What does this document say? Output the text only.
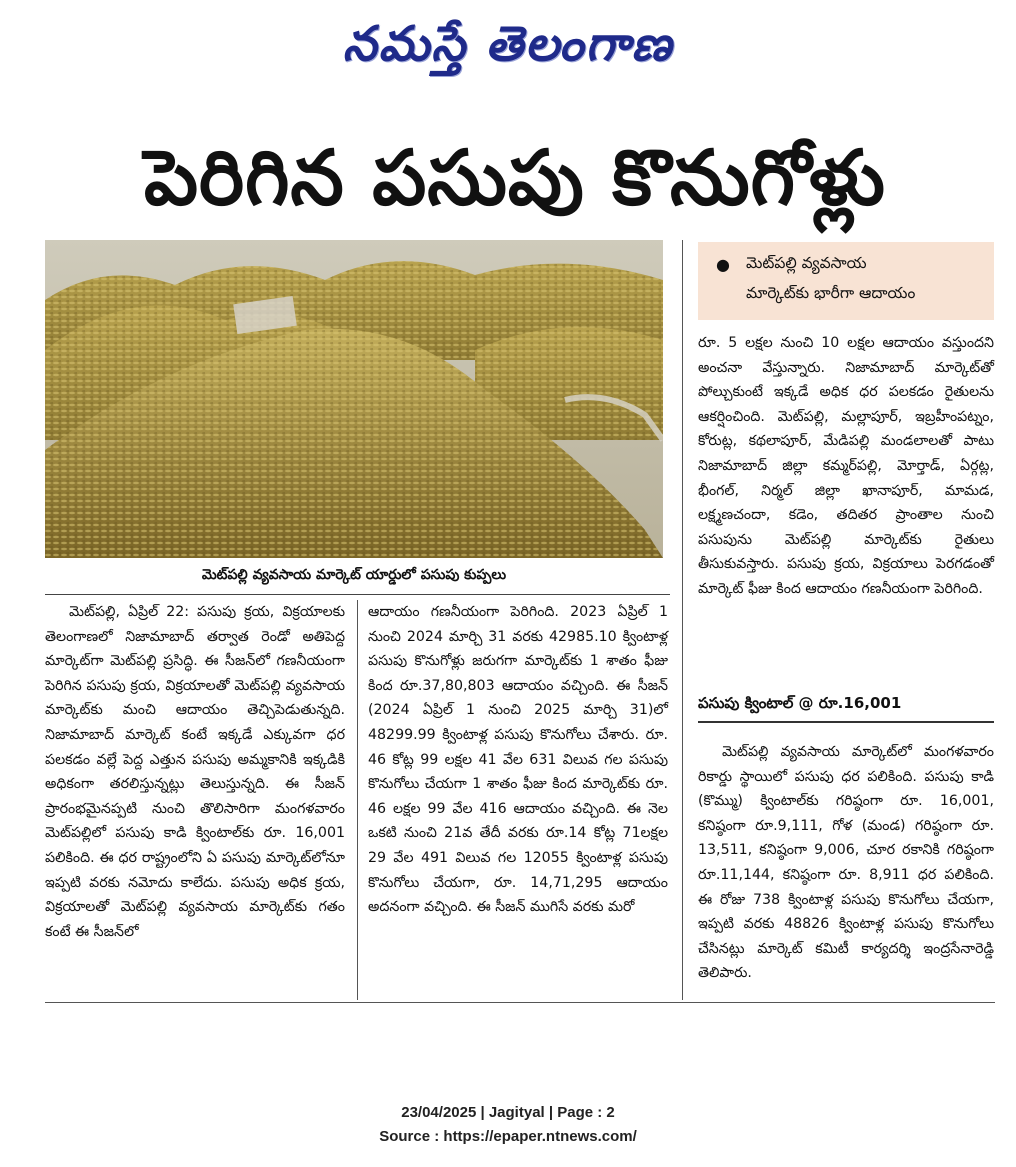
నమస్తే తెలంగాణ
పెరిగిన పసుపు కొనుగోళ్లు
మెట్‌పల్లి వ్యవసాయ మార్కెట్ యార్డులో పసుపు కుప్పలు

మెట్‌పల్లి, ఏప్రిల్ 22: పసుపు క్రయ, విక్రయాలకు తెలంగాణలో నిజామాబాద్ తర్వాత రెండో అతిపెద్ద మార్కెట్‌గా మెట్‌పల్లి ప్రసిద్ధి. ఈ సీజన్‌లో గణనీయంగా పెరిగిన పసుపు క్రయ, విక్రయాలతో మెట్‌పల్లి వ్యవసాయ మార్కెట్‌కు మంచి ఆదాయం తెచ్చిపెడుతున్నది. నిజామాబాద్ మార్కెట్ కంటే ఇక్కడే ఎక్కువగా ధర పలకడం వల్లే పెద్ద ఎత్తున పసుపు అమ్మకానికి ఇక్కడికి అధికంగా తరలిస్తున్నట్లు తెలుస్తున్నది. ఈ సీజన్ ప్రారంభమైనప్పటి నుంచి తొలిసారిగా మంగళవారం మెట్‌పల్లిలో పసుపు కాడి క్వింటాల్‌కు రూ. 16,001 పలికింది. ఈ ధర రాష్ట్రంలోని ఏ పసుపు మార్కెట్‌లోనూ ఇప్పటి వరకు నమోదు కాలేదు. పసుపు అధిక క్రయ, విక్రయాలతో మెట్‌పల్లి వ్యవసాయ మార్కెట్‌కు గతం కంటే ఈ సీజన్‌లో

ఆదాయం గణనీయంగా పెరిగింది. 2023 ఏప్రిల్ 1 నుంచి 2024 మార్చి 31 వరకు 42985.10 క్వింటాళ్ల పసుపు కొనుగోళ్లు జరుగగా మార్కెట్‌కు 1 శాతం ఫీజు కింద రూ.37,80,803 ఆదాయం వచ్చింది. ఈ సీజన్ (2024 ఏప్రిల్ 1 నుంచి 2025 మార్చి 31)లో 48299.99 క్వింటాళ్ల పసుపు కొనుగోలు చేశారు. రూ. 46 కోట్ల 99 లక్షల 41 వేల 631 విలువ గల పసుపు కొనుగోలు చేయగా 1 శాతం ఫీజు కింద మార్కెట్‌కు రూ. 46 లక్షల 99 వేల 416 ఆదాయం వచ్చింది. ఈ నెల ఒకటి నుంచి 21వ తేదీ వరకు రూ.14 కోట్ల 71లక్షల 29 వేల 491 విలువ గల 12055 క్వింటాళ్ల పసుపు కొనుగోలు చేయగా, రూ. 14,71,295 ఆదాయం అదనంగా వచ్చింది. ఈ సీజన్ ముగిసే వరకు మరో

●	మెట్‌పల్లి వ్యవసాయ
మార్కెట్‌కు భారీగా ఆదాయం

రూ. 5 లక్షల నుంచి 10 లక్షల ఆదాయం వస్తుందని అంచనా వేస్తున్నారు. నిజామాబాద్ మార్కెట్‌తో పోల్చుకుంటే ఇక్కడే అధిక ధర పలకడం రైతులను ఆకర్షించింది. మెట్‌పల్లి, మల్లాపూర్, ఇబ్రహీంపట్నం, కోరుట్ల, కథలాపూర్, మేడిపల్లి మండలాలతో పాటు నిజామాబాద్ జిల్లా కమ్మర్‌పల్లి, మోర్తాడ్, ఏర్గట్ల, భీంగల్, నిర్మల్ జిల్లా ఖానాపూర్, మామడ, లక్ష్మణచందా, కడెం, తదితర ప్రాంతాల నుంచి పసుపును మెట్‌పల్లి మార్కెట్‌కు రైతులు తీసుకువస్తారు. పసుపు క్రయ, విక్రయాలు పెరగడంతో మార్కెట్ ఫీజు కింద ఆదాయం గణనీయంగా పెరిగింది.

పసుపు క్వింటాల్ @ రూ.16,001

మెట్‌పల్లి వ్యవసాయ మార్కెట్‌లో మంగళవారం రికార్డు స్థాయిలో పసుపు ధర పలికింది. పసుపు కాడి (కొమ్ము) క్వింటాల్‌కు గరిష్ఠంగా రూ. 16,001, కనిష్ఠంగా రూ.9,111, గోళ (మండ) గరిష్ఠంగా రూ. 13,511, కనిష్ఠంగా 9,006, చూర రకానికి గరిష్ఠంగా రూ.11,144, కనిష్ఠంగా రూ. 8,911 ధర పలికింది. ఈ రోజు 738 క్వింటాళ్ల పసుపు కొనుగోలు చేయగా, ఇప్పటి వరకు 48826 క్వింటాళ్ల పసుపు కొనుగోలు చేసినట్లు మార్కెట్ కమిటీ కార్యదర్శి ఇంద్రసేనారెడ్డి తెలిపారు.

23/04/2025 | Jagityal | Page : 2
Source : https://epaper.ntnews.com/
